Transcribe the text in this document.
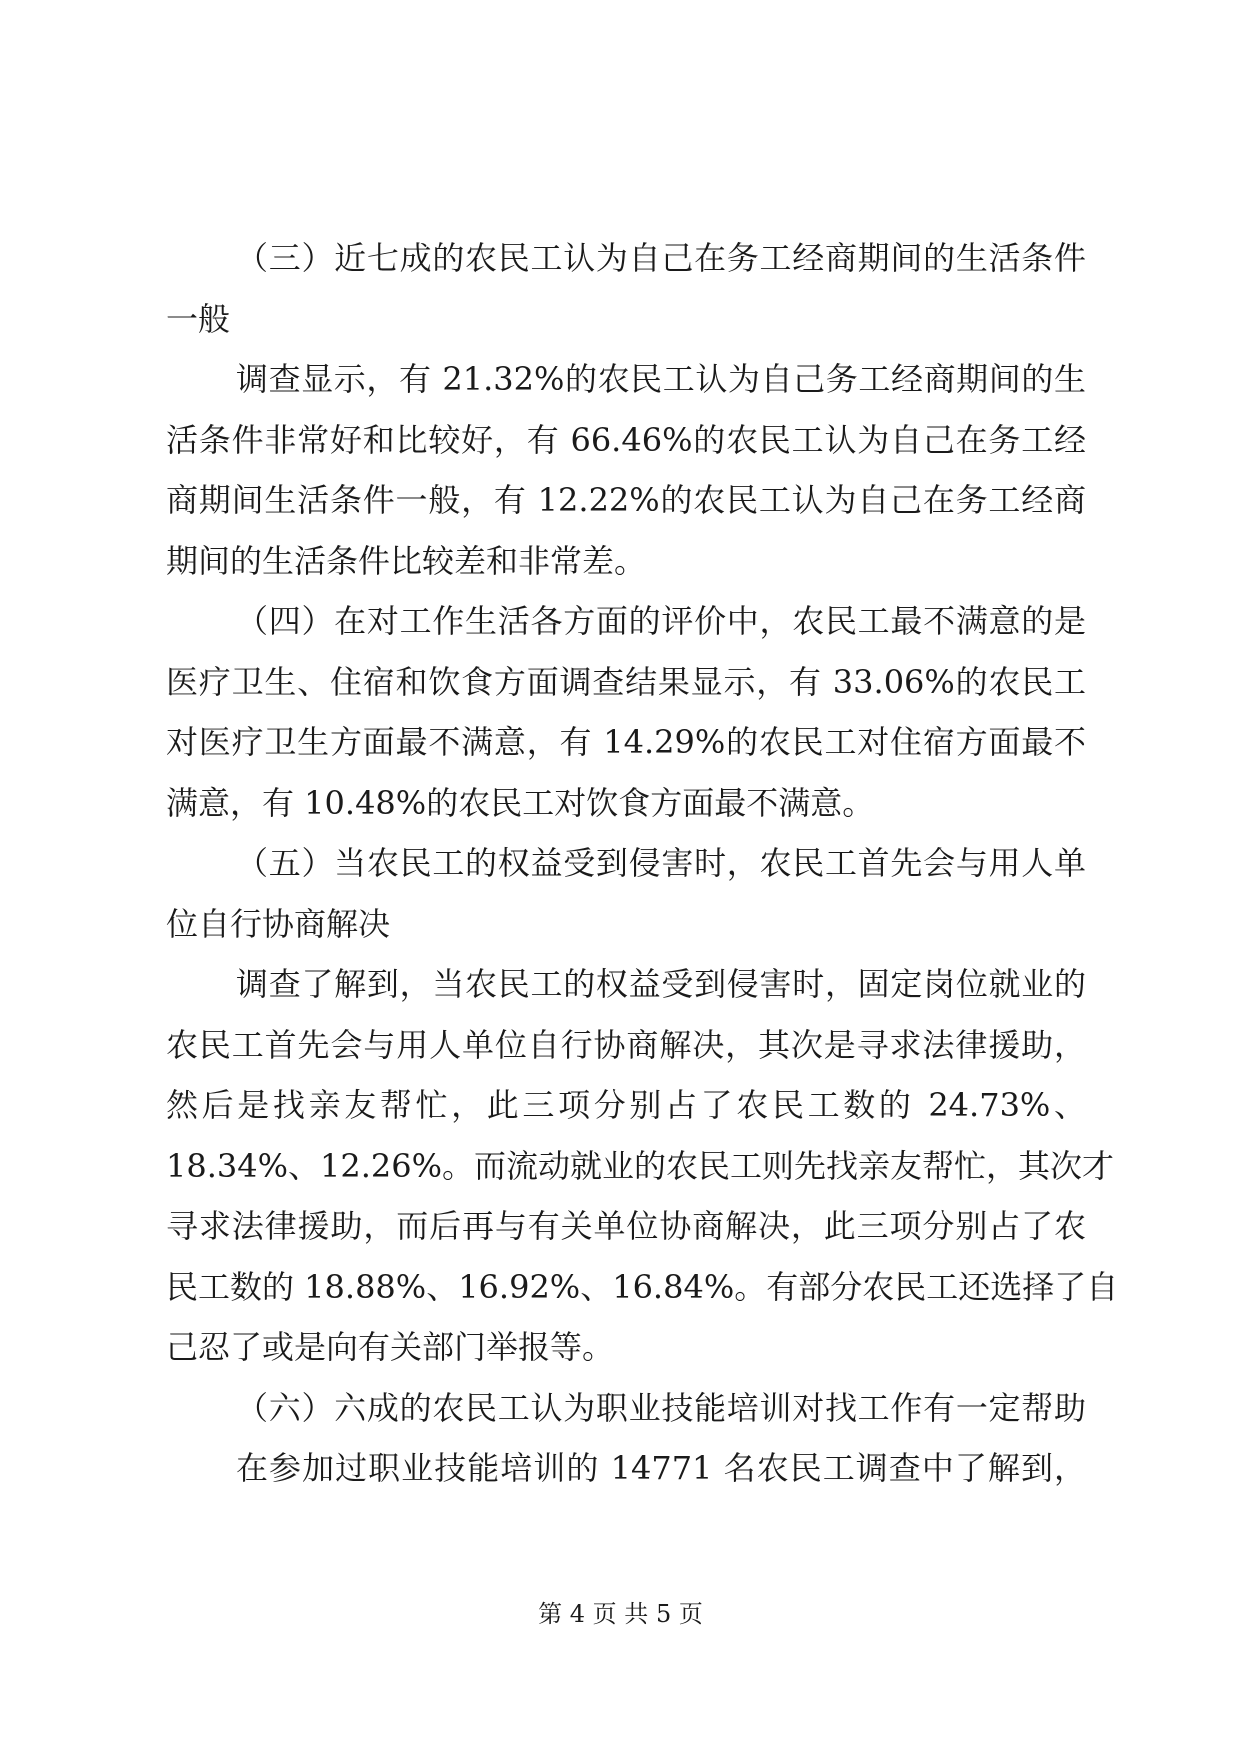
（三）近七成的农民工认为自己在务工经商期间的生活条件
一般
调查显示，有 21.32%的农民工认为自己务工经商期间的生
活条件非常好和比较好，有 66.46%的农民工认为自己在务工经
商期间生活条件一般，有 12.22%的农民工认为自己在务工经商
期间的生活条件比较差和非常差。
（四）在对工作生活各方面的评价中，农民工最不满意的是
医疗卫生、住宿和饮食方面调查结果显示，有 33.06%的农民工
对医疗卫生方面最不满意，有 14.29%的农民工对住宿方面最不
满意，有 10.48%的农民工对饮食方面最不满意。
（五）当农民工的权益受到侵害时，农民工首先会与用人单
位自行协商解决
调查了解到，当农民工的权益受到侵害时，固定岗位就业的
农民工首先会与用人单位自行协商解决，其次是寻求法律援助，
然后是找亲友帮忙，此三项分别占了农民工数的 24.73%、
18.34%、12.26%。而流动就业的农民工则先找亲友帮忙，其次才
寻求法律援助，而后再与有关单位协商解决，此三项分别占了农
民工数的 18.88%、16.92%、16.84%。有部分农民工还选择了自
己忍了或是向有关部门举报等。
（六）六成的农民工认为职业技能培训对找工作有一定帮助
在参加过职业技能培训的 14771 名农民工调查中了解到，
第 4 页 共 5 页
